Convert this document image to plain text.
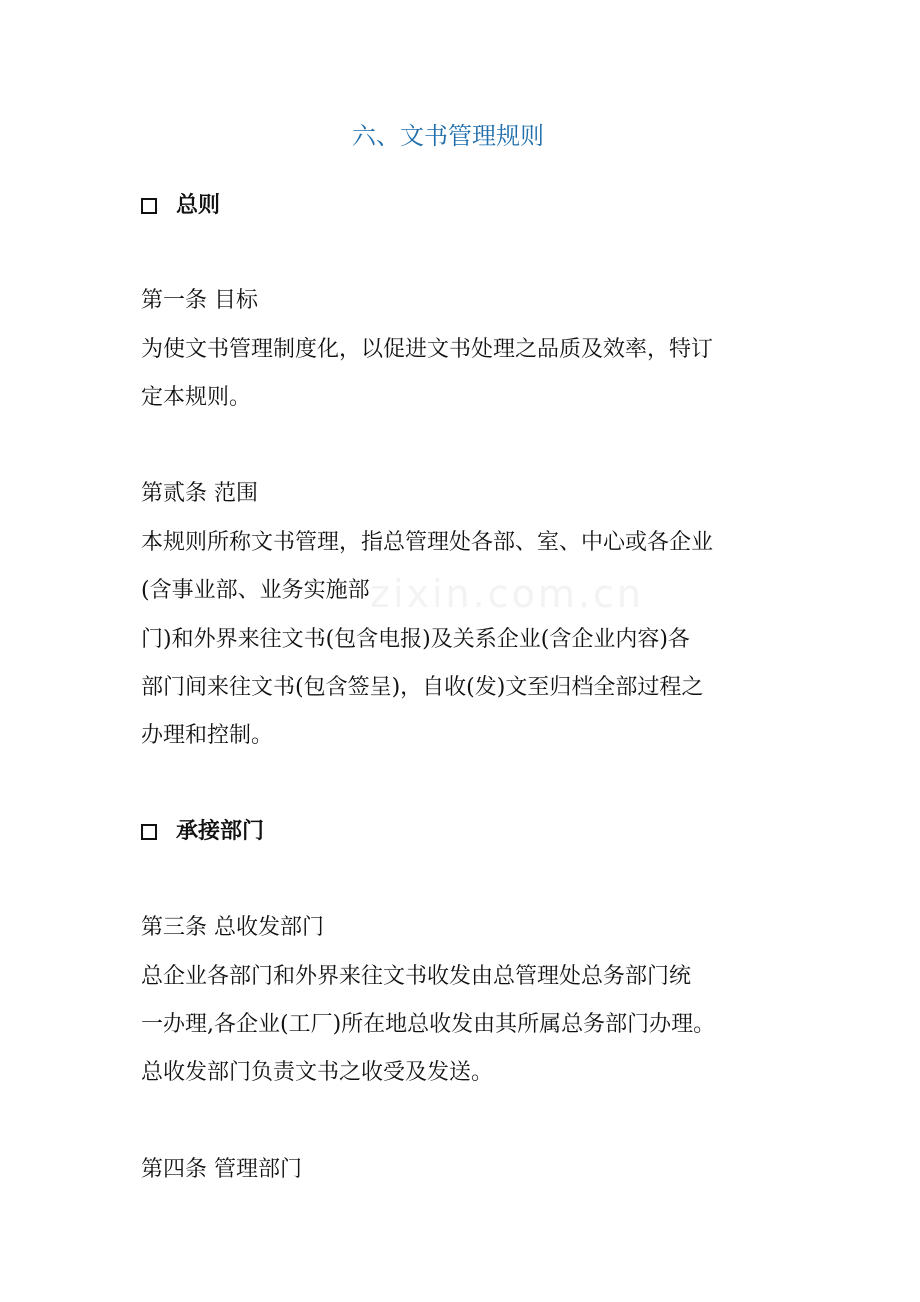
zixin.com.cn
六、文书管理规则
总则
第一条 目标
为使文书管理制度化，以促进文书处理之品质及效率，特订
定本规则。
第贰条 范围
本规则所称文书管理，指总管理处各部、室、中心或各企业
(含事业部、业务实施部
门)和外界来往文书(包含电报)及关系企业(含企业内容)各
部门间来往文书(包含签呈)，自收(发)文至归档全部过程之
办理和控制。
承接部门
第三条 总收发部门
总企业各部门和外界来往文书收发由总管理处总务部门统
一办理,各企业(工厂)所在地总收发由其所属总务部门办理。
总收发部门负责文书之收受及发送。
第四条 管理部门
